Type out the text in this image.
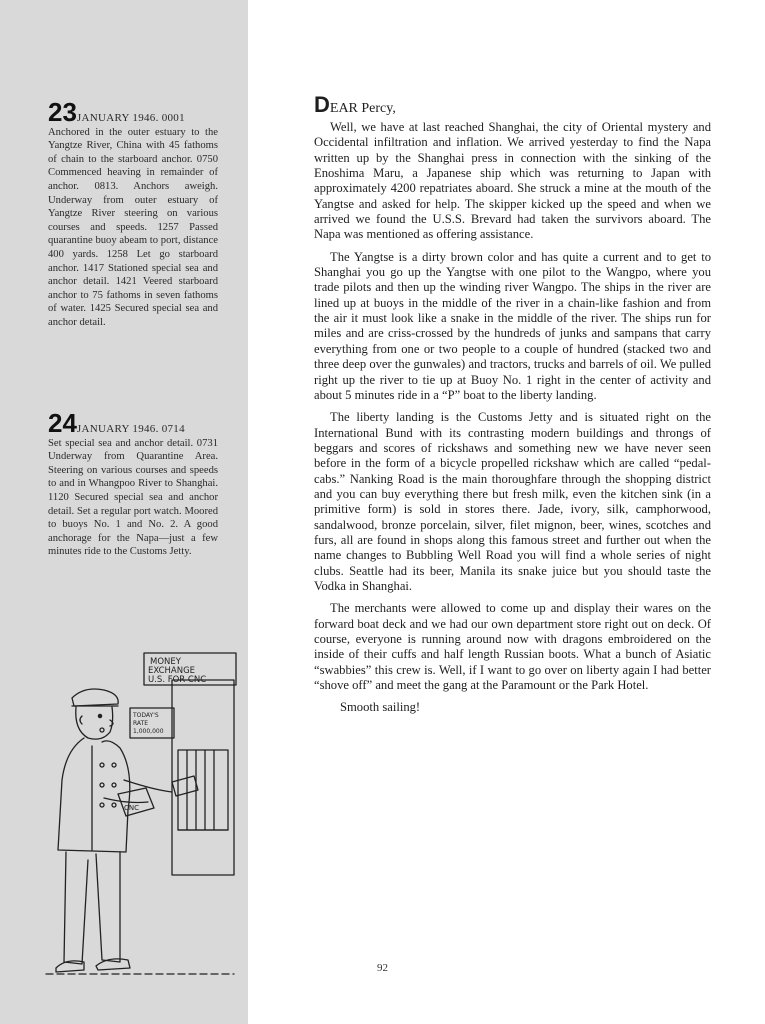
23JANUARY 1946. 0001
Anchored in the outer estuary to the Yangtze River, China with 45 fathoms of chain to the starboard anchor. 0750 Commenced heaving in remainder of anchor. 0813. Anchors aweigh. Underway from outer estuary of Yangtze River steering on various courses and speeds. 1257 Passed quarantine buoy abeam to port, distance 400 yards. 1258 Let go starboard anchor. 1417 Stationed special sea and anchor detail. 1421 Veered starboard anchor to 75 fathoms in seven fathoms of water. 1425 Secured special sea and anchor detail.
24JANUARY 1946. 0714
Set special sea and anchor detail. 0731 Underway from Quarantine Area. Steering on various courses and speeds to and in Whangpoo River to Shanghai. 1120 Secured special sea and anchor detail. Set a regular port watch. Moored to buoys No. 1 and No. 2. A good anchorage for the Napa—just a few minutes ride to the Customs Jetty.
MONEY
EXCHANGE
U.S. FOR CNC
TODAY'S
RATE
1,000,000
CNC
DEAR Percy,

Well, we have at last reached Shanghai, the city of Oriental mystery and Occidental infiltration and inflation. We arrived yesterday to find the Napa written up by the Shanghai press in connection with the sinking of the Enoshima Maru, a Japanese ship which was returning to Japan with approximately 4200 repatriates aboard. She struck a mine at the mouth of the Yangtse and asked for help. The skipper kicked up the speed and when we arrived we found the U.S.S. Brevard had taken the survivors aboard. The Napa was mentioned as offering assistance.

The Yangtse is a dirty brown color and has quite a current and to get to Shanghai you go up the Yangtse with one pilot to the Wangpo, where you trade pilots and then up the winding river Wangpo. The ships in the river are lined up at buoys in the middle of the river in a chain-like fashion and from the air it must look like a snake in the middle of the river. The ships run for miles and are criss-crossed by the hundreds of junks and sampans that carry everything from one or two people to a couple of hundred (stacked two and three deep over the gunwales) and tractors, trucks and barrels of oil. We pulled right up the river to tie up at Buoy No. 1 right in the center of activity and about 5 minutes ride in a “P” boat to the liberty landing.

The liberty landing is the Customs Jetty and is situated right on the International Bund with its contrasting modern buildings and throngs of beggars and scores of rickshaws and something new we have never seen before in the form of a bicycle propelled rickshaw which are called “pedal-cabs.” Nanking Road is the main thoroughfare through the shopping district and you can buy everything there but fresh milk, even the kitchen sink (in a primitive form) is sold in stores there. Jade, ivory, silk, camphorwood, sandalwood, bronze porcelain, silver, filet mignon, beer, wines, scotches and furs, all are found in shops along this famous street and further out when the name changes to Bubbling Well Road you will find a whole series of night clubs. Seattle had its beer, Manila its snake juice but you should taste the Vodka in Shanghai.

The merchants were allowed to come up and display their wares on the forward boat deck and we had our own department store right out on deck. Of course, everyone is running around now with dragons embroidered on the inside of their cuffs and half length Russian boots. What a bunch of Asiatic “swabbies” this crew is. Well, if I want to go over on liberty again I had better “shove off” and meet the gang at the Paramount or the Park Hotel.

Smooth sailing!

92
